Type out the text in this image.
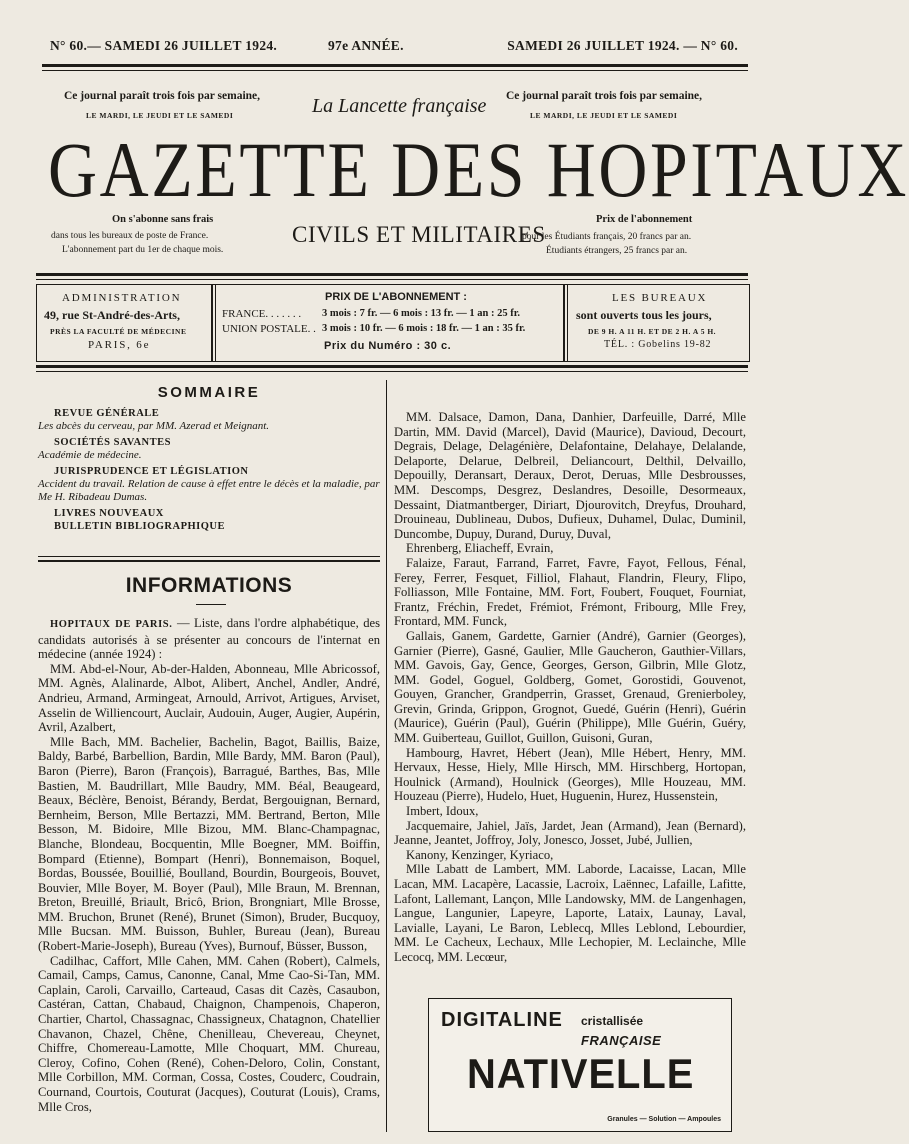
N° 60.— SAMEDI 26 JUILLET 1924.	97e ANNÉE.	SAMEDI 26 JUILLET 1924. — N° 60.
Ce journal paraît trois fois par semaine,
LE MARDI, LE JEUDI ET LE SAMEDI	La Lancette française Ce journal paraît trois fois par semaine,
LE MARDI, LE JEUDI ET LE SAMEDI
GAZETTE DES HOPITAUX
On s'abonne sans frais
dans tous les bureaux de poste de France.
L'abonnement part du 1er de chaque mois.
CIVILS ET MILITAIRES
Prix de l'abonnement
pour les Étudiants français, 20 francs par an.
Étudiants étrangers, 25 francs par an.
ADMINISTRATION
49, rue St-André-des-Arts,
PRÈS LA FACULTÉ DE MÉDECINE
PARIS, 6e
PRIX DE L'ABONNEMENT :
FRANCE. . . . . . . 3 mois : 7 fr. — 6 mois : 13 fr. — 1 an : 25 fr.
UNION POSTALE. . 3 mois : 10 fr. — 6 mois : 18 fr. — 1 an : 35 fr.
Prix du Numéro : 30 c.
LES BUREAUX
sont ouverts tous les jours,
DE 9 H. A 11 H. ET DE 2 H. A 5 H.
TÉL. : Gobelins 19-82
SOMMAIRE
REVUE GÉNÉRALE
Les abcès du cerveau, par MM. Azerad et Meignant.
SOCIÉTÉS SAVANTES
Académie de médecine.
JURISPRUDENCE ET LÉGISLATION
Accident du travail. Relation de cause à effet entre le décès et la maladie, par Me H. Ribadeau Dumas.
LIVRES NOUVEAUX
BULLETIN BIBLIOGRAPHIQUE
INFORMATIONS

HOPITAUX DE PARIS. — Liste, dans l'ordre alphabétique, des candidats autorisés à se présenter au concours de l'internat en médecine (année 1924) :

MM. Abd-el-Nour, Ab-der-Halden, Abonneau, Mlle Abricossof, MM. Agnès, Alalinarde, Albot, Alibert, Anchel, Andler, André, Andrieu, Armand, Armingeat, Arnould, Arrivot, Artigues, Arviset, Asselin de Williencourt, Auclair, Audouin, Auger, Augier, Aupérin, Avril, Azalbert,

Mlle Bach, MM. Bachelier, Bachelin, Bagot, Baillis, Baize, Baldy, Barbé, Barbellion, Bardin, Mlle Bardy, MM. Baron (Paul), Baron (Pierre), Baron (François), Barragué, Barthes, Bas, Mlle Bastien, M. Baudrillart, Mlle Baudry, MM. Béal, Beaugeard, Beaux, Béclère, Benoist, Bérandy, Berdat, Bergouignan, Bernard, Bernheim, Berson, Mlle Bertazzi, MM. Bertrand, Berton, Mlle Besson, M. Bidoire, Mlle Bizou, MM. Blanc-Champagnac, Blanche, Blondeau, Bocquentin, Mlle Boegner, MM. Boiffin, Bompard (Etienne), Bompart (Henri), Bonnemaison, Boquel, Bordas, Boussée, Bouillié, Boulland, Bourdin, Bourgeois, Bouvet, Bouvier, Mlle Boyer, M. Boyer (Paul), Mlle Braun, M. Brennan, Breton, Breuillé, Briault, Bricô, Brion, Brongniart, Mlle Brosse, MM. Bruchon, Brunet (René), Brunet (Simon), Bruder, Bucquoy, Mlle Bucsan. MM. Buisson, Buhler, Bureau (Jean), Bureau (Robert-Marie-Joseph), Bureau (Yves), Burnouf, Büsser, Busson,

Cadilhac, Caffort, Mlle Cahen, MM. Cahen (Robert), Calmels, Camail, Camps, Camus, Canonne, Canal, Mme Cao-Si-Tan, MM. Caplain, Caroli, Carvaillo, Carteaud, Casas dit Cazès, Casaubon, Castéran, Cattan, Chabaud, Chaignon, Champenois, Chaperon, Chartier, Chartol, Chassagnac, Chassigneux, Chatagnon, Chatellier Chavanon, Chazel, Chêne, Chenilleau, Chevereau, Cheynet, Chiffre, Chomereau-Lamotte, Mlle Choquart, MM. Chureau, Cleroy, Cofino, Cohen (René), Cohen-Deloro, Colin, Constant, Mlle Corbillon, MM. Corman, Cossa, Costes, Couderc, Coudrain, Cournand, Courtois, Couturat (Jacques), Couturat (Louis), Crams, Mlle Cros,

MM. Dalsace, Damon, Dana, Danhier, Darfeuille, Darré, Mlle Dartin, MM. David (Marcel), David (Maurice), Davioud, Decourt, Degrais, Delage, Delagénière, Delafontaine, Delahaye, Delalande, Delaporte, Delarue, Delbreil, Deliancourt, Delthil, Delvaillo, Depouilly, Deransart, Deraux, Derot, Deruas, Mlle Desbrousses, MM. Descomps, Desgrez, Deslandres, Desoille, Desormeaux, Dessaint, Diatmantberger, Diriart, Djourovitch, Dreyfus, Drouhard, Drouineau, Dublineau, Dubos, Dufieux, Duhamel, Dulac, Duminil, Duncombe, Dupuy, Durand, Duruy, Duval,

Ehrenberg, Eliacheff, Evrain,

Falaize, Faraut, Farrand, Farret, Favre, Fayot, Fellous, Fénal, Ferey, Ferrer, Fesquet, Filliol, Flahaut, Flandrin, Fleury, Flipo, Folliasson, Mlle Fontaine, MM. Fort, Foubert, Fouquet, Fourniat, Frantz, Fréchin, Fredet, Frémiot, Frémont, Fribourg, Mlle Frey, Frontard, MM. Funck,

Gallais, Ganem, Gardette, Garnier (André), Garnier (Georges), Garnier (Pierre), Gasné, Gaulier, Mlle Gaucheron, Gauthier-Villars, MM. Gavois, Gay, Gence, Georges, Gerson, Gilbrin, Mlle Glotz, MM. Godel, Goguel, Goldberg, Gomet, Gorostidi, Gouvenot, Gouyen, Grancher, Grandperrin, Grasset, Grenaud, Grenierboley, Grevin, Grinda, Grippon, Grognot, Guedé, Guérin (Henri), Guérin (Maurice), Guérin (Paul), Guérin (Philippe), Mlle Guérin, Guéry, MM. Guiberteau, Guillot, Guillon, Guisoni, Guran,

Hambourg, Havret, Hébert (Jean), Mlle Hébert, Henry, MM. Hervaux, Hesse, Hiely, Mlle Hirsch, MM. Hirschberg, Hortopan, Houlnick (Armand), Houlnick (Georges), Mlle Houzeau, MM. Houzeau (Pierre), Hudelo, Huet, Huguenin, Hurez, Hussenstein,

Imbert, Idoux,

Jacquemaire, Jahiel, Jaïs, Jardet, Jean (Armand), Jean (Bernard), Jeanne, Jeantet, Joffroy, Joly, Jonesco, Josset, Jubé, Jullien,

Kanony, Kenzinger, Kyriaco,

Mlle Labatt de Lambert, MM. Laborde, Lacaisse, Lacan, Mlle Lacan, MM. Lacapère, Lacassie, Lacroix, Laënnec, Lafaille, Lafitte, Lafont, Lallemant, Lançon, Mlle Landowsky, MM. de Langenhagen, Langue, Langunier, Lapeyre, Laporte, Lataix, Launay, Laval, Lavialle, Layani, Le Baron, Leblecq, Mlles Leblond, Lebourdier, MM. Le Cacheux, Lechaux, Mlle Lechopier, M. Leclainche, Mlle Lecocq, MM. Lecœur,

DIGITALINE cristallisée
FRANÇAISE
NATIVELLE
Granules — Solution — Ampoules
